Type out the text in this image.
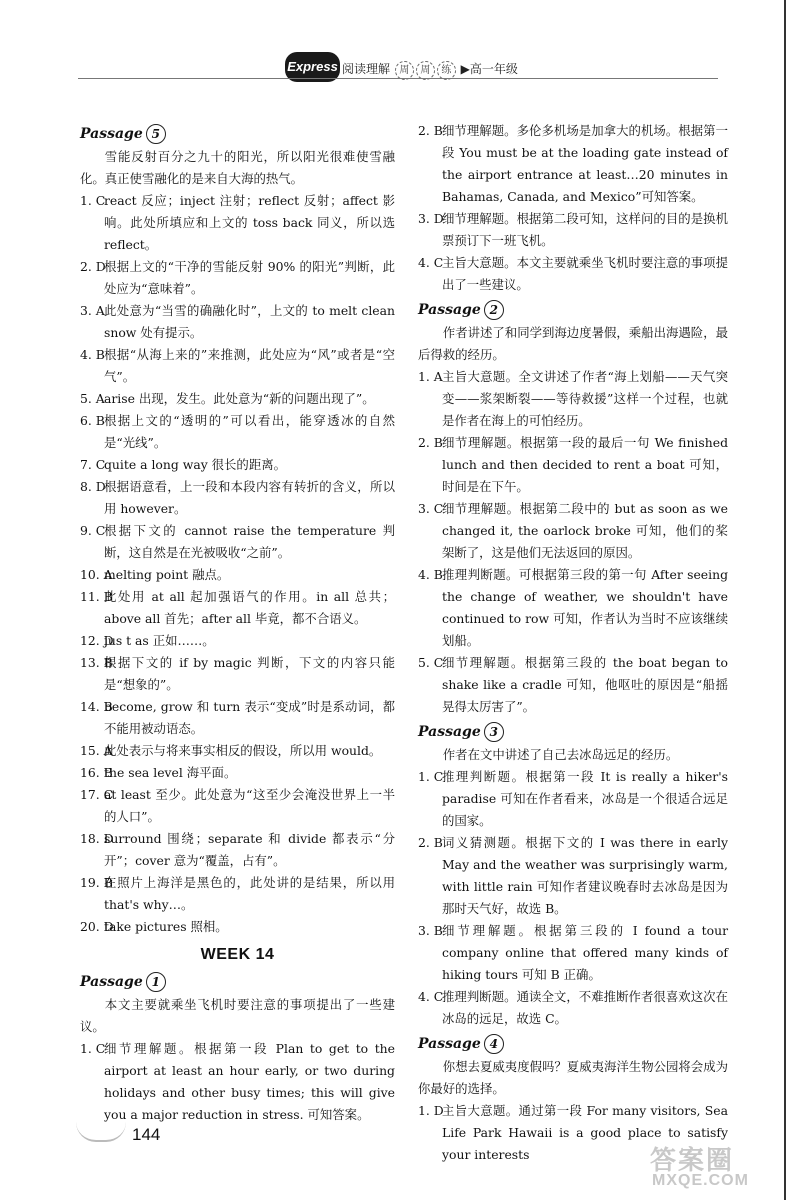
Express 阅读理解 周 周 练 ▶高一年级
Passage 5

雪能反射百分之九十的阳光，所以阳光很难使雪融化。真正使雪融化的是来自大海的热气。

1. C
react 反应；inject 注射；reflect 反射；affect 影响。此处所填应和上文的 toss back 同义，所以选 reflect。
2. D
根据上文的“干净的雪能反射 90% 的阳光”判断，此处应为“意味着”。
3. A 此处意为“当雪的确融化时”，上文的 to melt clean snow 处有提示。
4. B 根据“从海上来的”来推测，此处应为“风”或者是“空气”。
5. A arise 出现，发生。此处意为“新的问题出现了”。
6. B 根据上文的“透明的”可以看出，能穿透冰的自然是“光线”。
7. C
quite a long way 很长的距离。
8. D
根据语意看，上一段和本段内容有转折的含义，所以用 however。
9. C
根据下文的 cannot raise the temperature 判断，这自然是在光被吸收“之前”。
10. A
melting point 融点。
11. B
此处用 at all 起加强语气的作用。in all 总共；above all 首先；after all 毕竟，都不合语义。
12. D
jus t as 正如……。
13. B
根据下文的 if by magic 判断，下文的内容只能是“想象的”。
14. B
become, grow 和 turn 表示“变成”时是系动词，都不能用被动语态。
15. A
此处表示与将来事实相反的假设，所以用 would。
16. B
the sea level 海平面。
17. C
at least 至少。此处意为“这至少会淹没世界上一半的人口”。
18. D
surround 围绕；separate 和 divide 都表示“分开”；cover 意为“覆盖，占有”。
19. B
在照片上海洋是黑色的，此处讲的是结果，所以用 that's why…。
20. D
take pictures 照相。
WEEK 14
Passage 1

本文主要就乘坐飞机时要注意的事项提出了一些建议。

1. C
细节理解题。根据第一段 Plan to get to the airport at least an hour early, or two during holidays and other busy times; this will give you a major reduction in stress. 可知答案。
2. B 细节理解题。多伦多机场是加拿大的机场。根据第一段 You must be at the loading gate instead of the airport entrance at least…20 minutes in Bahamas, Canada, and Mexico”可知答案。
3. D
细节理解题。根据第二段可知，这样问的目的是换机票预订下一班飞机。
4. C
主旨大意题。本文主要就乘坐飞机时要注意的事项提出了一些建议。
Passage 2

作者讲述了和同学到海边度暑假，乘船出海遇险，最后得救的经历。

1. A 主旨大意题。全文讲述了作者“海上划船——天气突变——浆架断裂——等待救援”这样一个过程，也就是作者在海上的可怕经历。
2. B 细节理解题。根据第一段的最后一句 We finished lunch and then decided to rent a boat 可知，时间是在下午。
3. C
细节理解题。根据第二段中的 but as soon as we changed it, the oarlock broke 可知，他们的桨架断了，这是他们无法返回的原因。
4. B 推理判断题。可根据第三段的第一句 After seeing the change of weather, we shouldn't have continued to row 可知，作者认为当时不应该继续划船。
5. C
细节理解题。根据第三段的 the boat began to shake like a cradle 可知，他呕吐的原因是“船摇晃得太厉害了”。
Passage 3

作者在文中讲述了自己去冰岛远足的经历。

1. C
推理判断题。根据第一段 It is really a hiker's paradise 可知在作者看来，冰岛是一个很适合远足的国家。
2. B 词义猜测题。根据下文的 I was there in early May and the weather was surprisingly warm, with little rain 可知作者建议晚春时去冰岛是因为那时天气好，故选 B。
3. B 细节理解题。根据第三段的 I found a tour company online that offered many kinds of hiking tours 可知 B 正确。
4. C
推理判断题。通读全文，不难推断作者很喜欢这次在冰岛的远足，故选 C。
Passage 4

你想去夏威夷度假吗？夏威夷海洋生物公园将会成为你最好的选择。

1. D
主旨大意题。通过第一段 For many visitors, Sea Life Park Hawaii is a good place to satisfy your interests
144
答案圈
MXQE.COM
